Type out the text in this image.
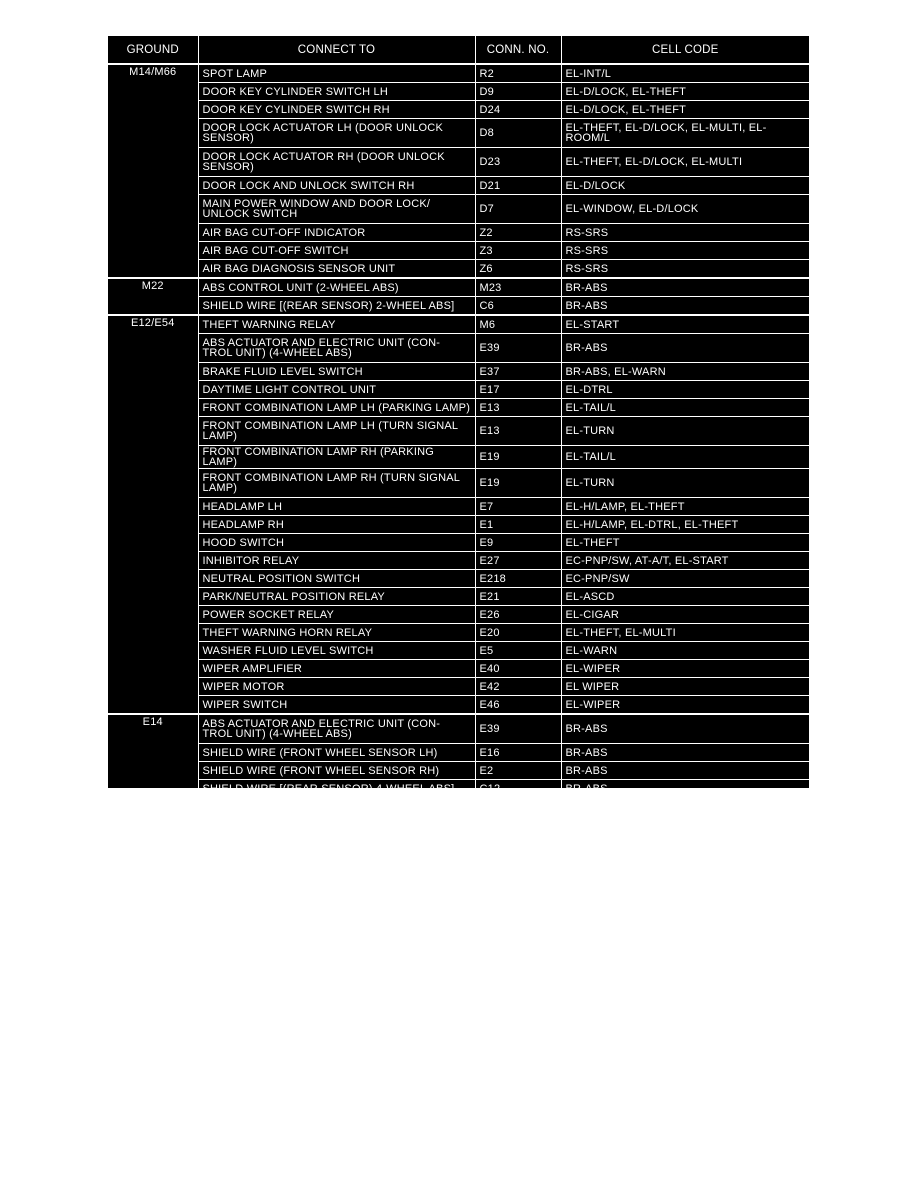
GROUND	CONNECT TO	CONN. NO.	CELL CODE
M14/M66	SPOT LAMP	R2	EL-INT/L
	DOOR KEY CYLINDER SWITCH LH	D9	EL-D/LOCK, EL-THEFT
	DOOR KEY CYLINDER SWITCH RH	D24	EL-D/LOCK, EL-THEFT
	DOOR LOCK ACTUATOR LH (DOOR UNLOCK SENSOR)	D8	EL-THEFT, EL-D/LOCK, EL-MULTI, EL-ROOM/L
	DOOR LOCK ACTUATOR RH (DOOR UNLOCK SENSOR)	D23	EL-THEFT, EL-D/LOCK, EL-MULTI
	DOOR LOCK AND UNLOCK SWITCH RH	D21	EL-D/LOCK
	MAIN POWER WINDOW AND DOOR LOCK/ UNLOCK SWITCH	D7	EL-WINDOW, EL-D/LOCK
	AIR BAG CUT-OFF INDICATOR	Z2	RS-SRS
	AIR BAG CUT-OFF SWITCH	Z3	RS-SRS
	AIR BAG DIAGNOSIS SENSOR UNIT	Z6	RS-SRS
M22	ABS CONTROL UNIT (2-WHEEL ABS)	M23	BR-ABS
	SHIELD WIRE [(REAR SENSOR) 2-WHEEL ABS]	C6	BR-ABS
E12/E54	THEFT WARNING RELAY	M6	EL-START
	ABS ACTUATOR AND ELECTRIC UNIT (CON- TROL UNIT) (4-WHEEL ABS)	E39	BR-ABS
	BRAKE FLUID LEVEL SWITCH	E37	BR-ABS, EL-WARN
	DAYTIME LIGHT CONTROL UNIT	E17	EL-DTRL
	FRONT COMBINATION LAMP LH (PARKING LAMP)	E13	EL-TAIL/L
	FRONT COMBINATION LAMP LH (TURN SIGNAL LAMP)	E13	EL-TURN
	FRONT COMBINATION LAMP RH (PARKING LAMP)	E19	EL-TAIL/L
	FRONT COMBINATION LAMP RH (TURN SIGNAL LAMP)	E19	EL-TURN
	HEADLAMP LH	E7	EL-H/LAMP, EL-THEFT
	HEADLAMP RH	E1	EL-H/LAMP, EL-DTRL, EL-THEFT
	HOOD SWITCH	E9	EL-THEFT
	INHIBITOR RELAY	E27	EC-PNP/SW, AT-A/T, EL-START
	NEUTRAL POSITION SWITCH	E218	EC-PNP/SW
	PARK/NEUTRAL POSITION RELAY	E21	EL-ASCD
	POWER SOCKET RELAY	E26	EL-CIGAR
	THEFT WARNING HORN RELAY	E20	EL-THEFT, EL-MULTI
	WASHER FLUID LEVEL SWITCH	E5	EL-WARN
	WIPER AMPLIFIER	E40	EL-WIPER
	WIPER MOTOR	E42	EL WIPER
	WIPER SWITCH	E46	EL-WIPER
E14	ABS ACTUATOR AND ELECTRIC UNIT (CON- TROL UNIT) (4-WHEEL ABS)	E39	BR-ABS
	SHIELD WIRE (FRONT WHEEL SENSOR LH)	E16	BR-ABS
	SHIELD WIRE (FRONT WHEEL SENSOR RH)	E2	BR-ABS

E203	GENERATOR	E206	EL-CHARGE
